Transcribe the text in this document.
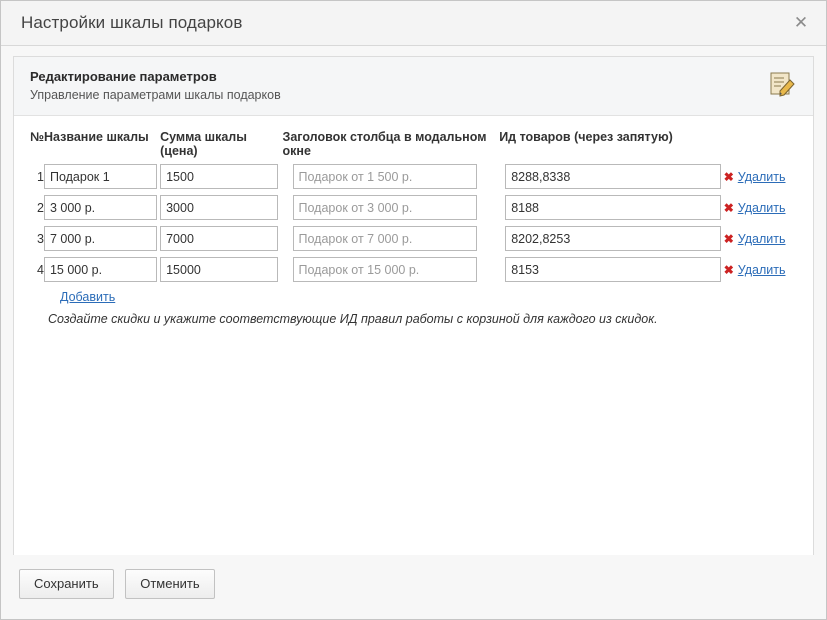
Настройки шкалы подарков	✕
Редактирование параметров
Управление параметрами шкалы подарков
№	Название шкалы	Сумма шкалы (цена)	Заголовок столбца в модальном окне	Ид товаров (через запятую)	
1	Подарок 1	1500	Подарок от 1 500 р.	8288,8338	✖ Удалить
2	3 000 р.	3000	Подарок от 3 000 р.	8188	✖ Удалить
3	7 000 р.	7000	Подарок от 7 000 р.	8202,8253	✖ Удалить
4	15 000 р.	15000	Подарок от 15 000 р.	8153	✖ Удалить
Добавить
Создайте скидки и укажите соответствующие ИД правил работы с корзиной для каждого из скидок.
Сохранить	Отменить
